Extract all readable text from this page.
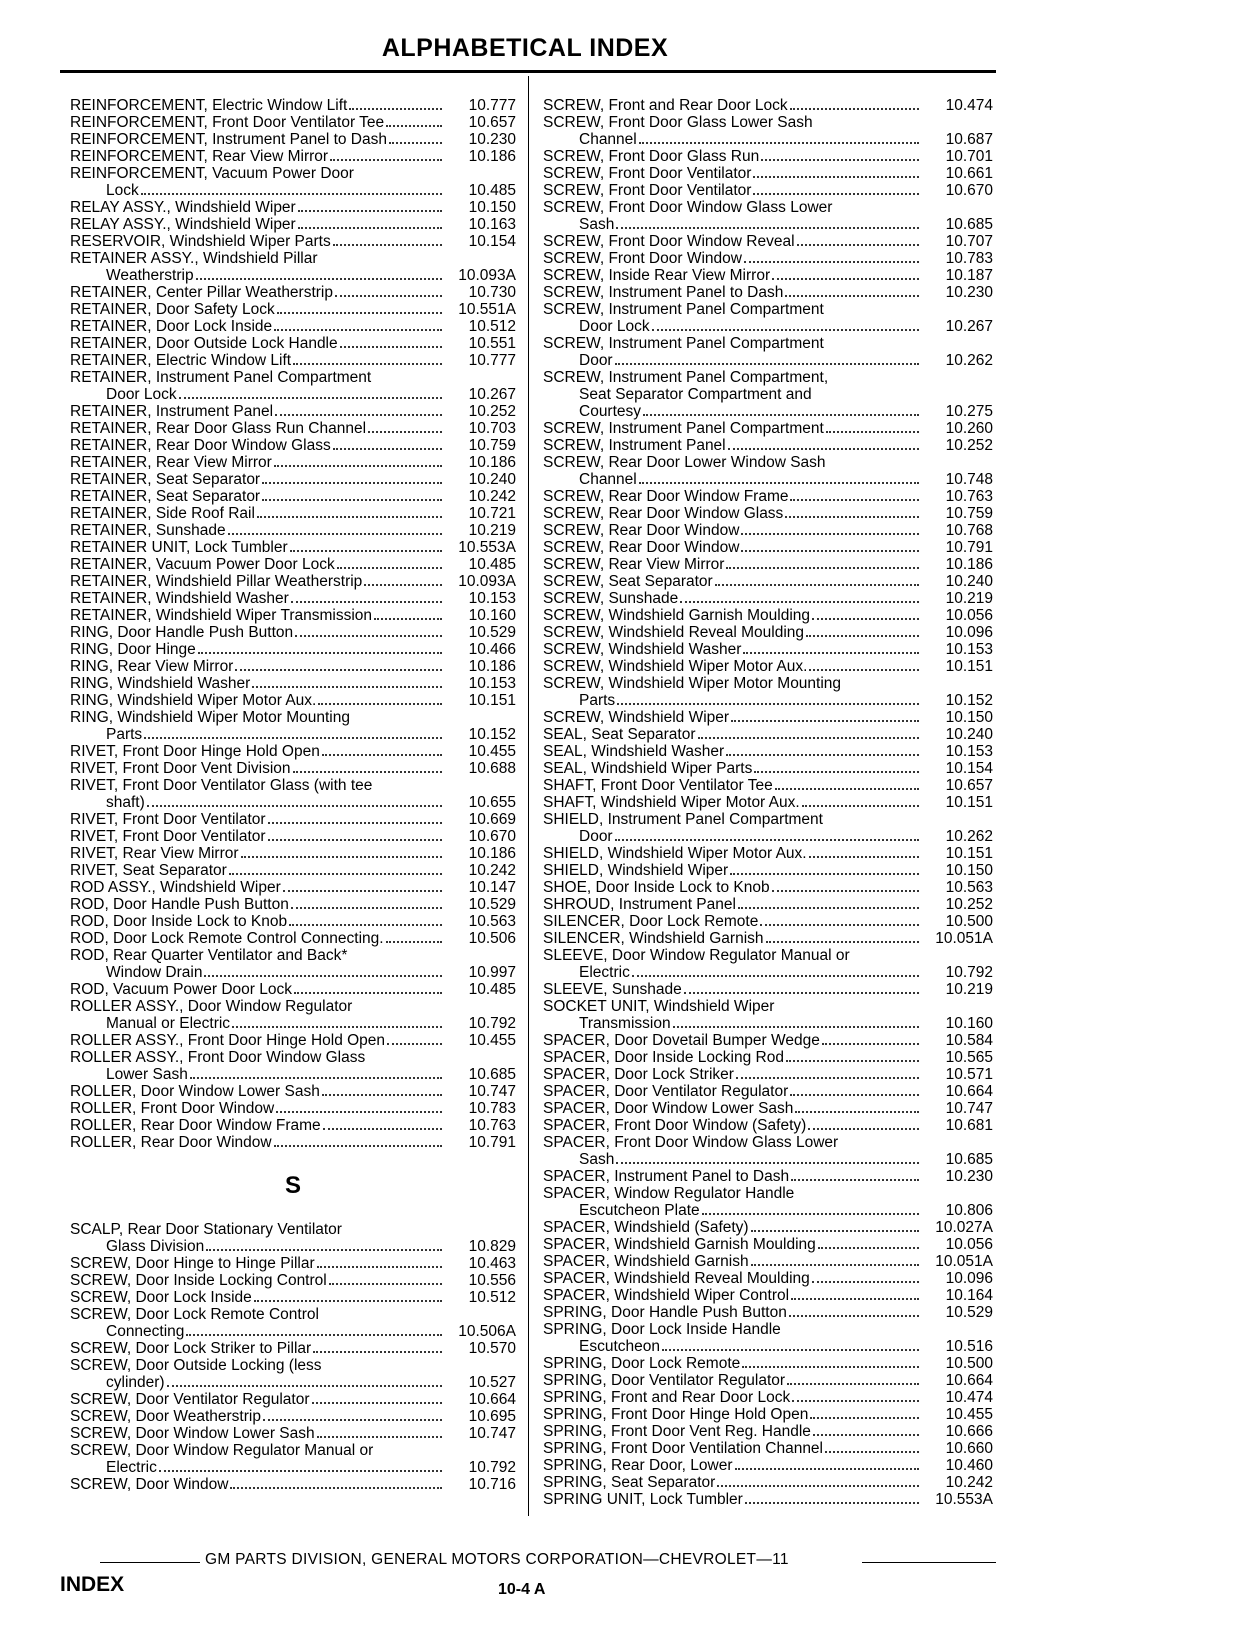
ALPHABETICAL INDEX
REINFORCEMENT, Electric Window Lift	10.777
REINFORCEMENT, Front Door Ventilator Tee	10.657
REINFORCEMENT, Instrument Panel to Dash	10.230
REINFORCEMENT, Rear View Mirror	10.186
REINFORCEMENT, Vacuum Power Door
Lock	10.485
RELAY ASSY., Windshield Wiper	10.150
RELAY ASSY., Windshield Wiper	10.163
RESERVOIR, Windshield Wiper Parts	10.154
RETAINER ASSY., Windshield Pillar
Weatherstrip	10.093A
RETAINER, Center Pillar Weatherstrip	10.730
RETAINER, Door Safety Lock	10.551A
RETAINER, Door Lock Inside	10.512
RETAINER, Door Outside Lock Handle	10.551
RETAINER, Electric Window Lift	10.777
RETAINER, Instrument Panel Compartment
Door Lock	10.267
RETAINER, Instrument Panel	10.252
RETAINER, Rear Door Glass Run Channel	10.703
RETAINER, Rear Door Window Glass	10.759
RETAINER, Rear View Mirror	10.186
RETAINER, Seat Separator	10.240
RETAINER, Seat Separator	10.242
RETAINER, Side Roof Rail	10.721
RETAINER, Sunshade	10.219
RETAINER UNIT, Lock Tumbler	10.553A
RETAINER, Vacuum Power Door Lock	10.485
RETAINER, Windshield Pillar Weatherstrip	10.093A
RETAINER, Windshield Washer	10.153
RETAINER, Windshield Wiper Transmission	10.160
RING, Door Handle Push Button	10.529
RING, Door Hinge	10.466
RING, Rear View Mirror	10.186
RING, Windshield Washer	10.153
RING, Windshield Wiper Motor Aux.	10.151
RING, Windshield Wiper Motor Mounting
Parts	10.152
RIVET, Front Door Hinge Hold Open	10.455
RIVET, Front Door Vent Division	10.688
RIVET, Front Door Ventilator Glass (with tee
shaft)	10.655
RIVET, Front Door Ventilator	10.669
RIVET, Front Door Ventilator	10.670
RIVET, Rear View Mirror	10.186
RIVET, Seat Separator	10.242
ROD ASSY., Windshield Wiper	10.147
ROD, Door Handle Push Button	10.529
ROD, Door Inside Lock to Knob	10.563
ROD, Door Lock Remote Control Connecting.	10.506
ROD, Rear Quarter Ventilator and Back*
Window Drain	10.997
ROD, Vacuum Power Door Lock	10.485
ROLLER ASSY., Door Window Regulator
Manual or Electric	10.792
ROLLER ASSY., Front Door Hinge Hold Open	10.455
ROLLER ASSY., Front Door Window Glass
Lower Sash	10.685
ROLLER, Door Window Lower Sash	10.747
ROLLER, Front Door Window	10.783
ROLLER, Rear Door Window Frame	10.763
ROLLER, Rear Door Window	10.791
S
SCALP, Rear Door Stationary Ventilator
Glass Division	10.829
SCREW, Door Hinge to Hinge Pillar	10.463
SCREW, Door Inside Locking Control	10.556
SCREW, Door Lock Inside	10.512
SCREW, Door Lock Remote Control
Connecting	10.506A
SCREW, Door Lock Striker to Pillar	10.570
SCREW, Door Outside Locking (less
cylinder)	10.527
SCREW, Door Ventilator Regulator	10.664
SCREW, Door Weatherstrip	10.695
SCREW, Door Window Lower Sash	10.747
SCREW, Door Window Regulator Manual or
Electric	10.792
SCREW, Door Window	10.716
SCREW, Front and Rear Door Lock	10.474
SCREW, Front Door Glass Lower Sash
Channel	10.687
SCREW, Front Door Glass Run	10.701
SCREW, Front Door Ventilator	10.661
SCREW, Front Door Ventilator	10.670
SCREW, Front Door Window Glass Lower
Sash	10.685
SCREW, Front Door Window Reveal	10.707
SCREW, Front Door Window	10.783
SCREW, Inside Rear View Mirror	10.187
SCREW, Instrument Panel to Dash	10.230
SCREW, Instrument Panel Compartment
Door Lock	10.267
SCREW, Instrument Panel Compartment
Door	10.262
SCREW, Instrument Panel Compartment,
Seat Separator Compartment and
Courtesy	10.275
SCREW, Instrument Panel Compartment	10.260
SCREW, Instrument Panel	10.252
SCREW, Rear Door Lower Window Sash
Channel	10.748
SCREW, Rear Door Window Frame	10.763
SCREW, Rear Door Window Glass	10.759
SCREW, Rear Door Window	10.768
SCREW, Rear Door Window	10.791
SCREW, Rear View Mirror	10.186
SCREW, Seat Separator	10.240
SCREW, Sunshade	10.219
SCREW, Windshield Garnish Moulding	10.056
SCREW, Windshield Reveal Moulding	10.096
SCREW, Windshield Washer	10.153
SCREW, Windshield Wiper Motor Aux.	10.151
SCREW, Windshield Wiper Motor Mounting
Parts	10.152
SCREW, Windshield Wiper	10.150
SEAL, Seat Separator	10.240
SEAL, Windshield Washer	10.153
SEAL, Windshield Wiper Parts	10.154
SHAFT, Front Door Ventilator Tee	10.657
SHAFT, Windshield Wiper Motor Aux.	10.151
SHIELD, Instrument Panel Compartment
Door	10.262
SHIELD, Windshield Wiper Motor Aux.	10.151
SHIELD, Windshield Wiper	10.150
SHOE, Door Inside Lock to Knob	10.563
SHROUD, Instrument Panel	10.252
SILENCER, Door Lock Remote	10.500
SILENCER, Windshield Garnish	10.051A
SLEEVE, Door Window Regulator Manual or
Electric	10.792
SLEEVE, Sunshade	10.219
SOCKET UNIT, Windshield Wiper
Transmission	10.160
SPACER, Door Dovetail Bumper Wedge	10.584
SPACER, Door Inside Locking Rod	10.565
SPACER, Door Lock Striker	10.571
SPACER, Door Ventilator Regulator	10.664
SPACER, Door Window Lower Sash	10.747
SPACER, Front Door Window (Safety)	10.681
SPACER, Front Door Window Glass Lower
Sash	10.685
SPACER, Instrument Panel to Dash	10.230
SPACER, Window Regulator Handle
Escutcheon Plate	10.806
SPACER, Windshield (Safety)	10.027A
SPACER, Windshield Garnish Moulding	10.056
SPACER, Windshield Garnish	10.051A
SPACER, Windshield Reveal Moulding	10.096
SPACER, Windshield Wiper Control	10.164
SPRING, Door Handle Push Button	10.529
SPRING, Door Lock Inside Handle
Escutcheon	10.516
SPRING, Door Lock Remote	10.500
SPRING, Door Ventilator Regulator	10.664
SPRING, Front and Rear Door Lock	10.474
SPRING, Front Door Hinge Hold Open	10.455
SPRING, Front Door Vent Reg. Handle	10.666
SPRING, Front Door Ventilation Channel	10.660
SPRING, Rear Door, Lower	10.460
SPRING, Seat Separator	10.242
SPRING UNIT, Lock Tumbler	10.553A
GM PARTS DIVISION, GENERAL MOTORS CORPORATION—CHEVROLET—11
INDEX	10-4 A
